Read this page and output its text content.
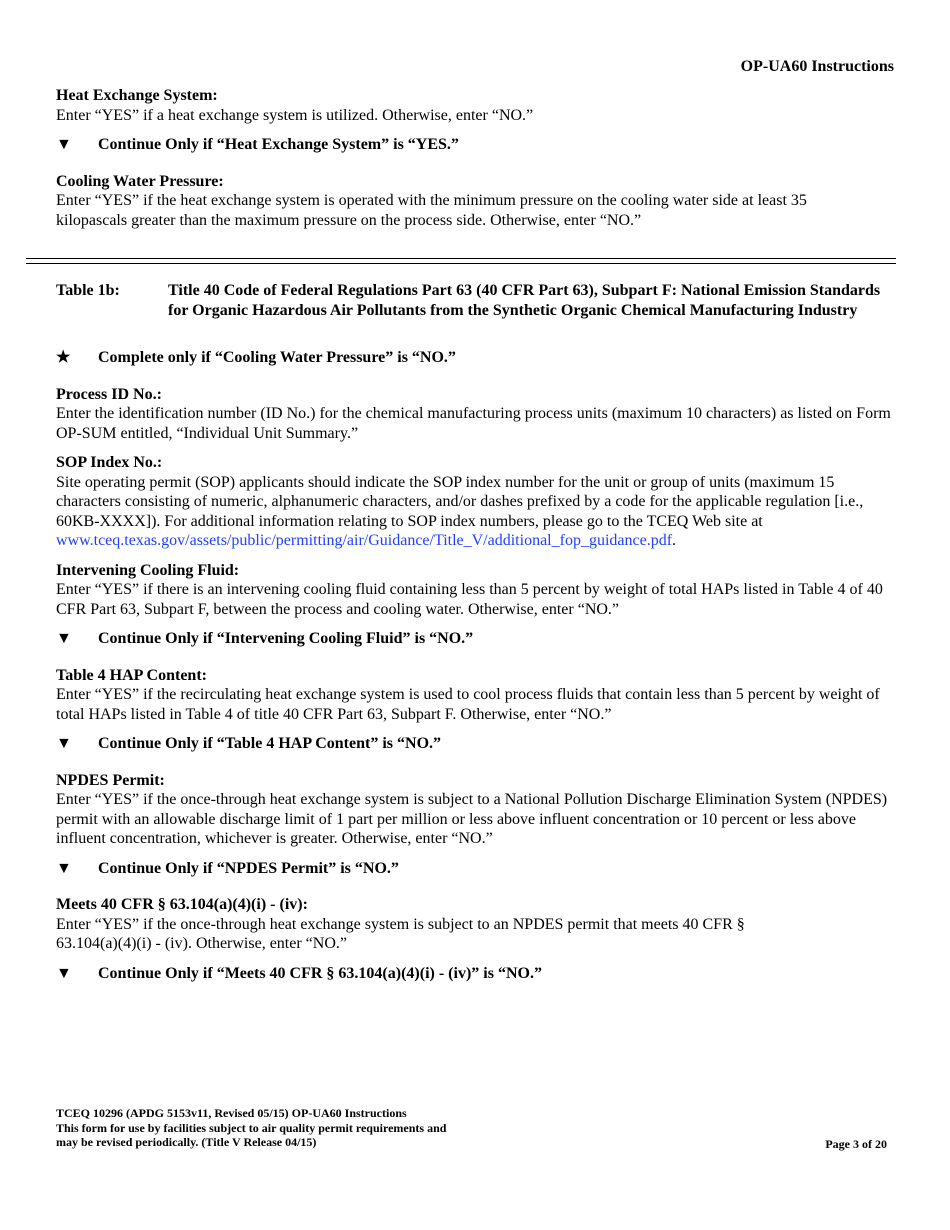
OP-UA60 Instructions

Heat Exchange System:

Enter “YES” if a heat exchange system is utilized. Otherwise, enter “NO.”

▼	Continue Only if “Heat Exchange System” is “YES.”

Cooling Water Pressure:

Enter “YES” if the heat exchange system is operated with the minimum pressure on the cooling water side at least 35 kilopascals greater than the maximum pressure on the process side. Otherwise, enter “NO.”

Table 1b:	Title 40 Code of Federal Regulations Part 63 (40 CFR Part 63), Subpart F: National Emission Standards for Organic Hazardous Air Pollutants from the Synthetic Organic Chemical Manufacturing Industry
★	Complete only if “Cooling Water Pressure” is “NO.”

Process ID No.:

Enter the identification number (ID No.) for the chemical manufacturing process units (maximum 10 characters) as listed on Form OP-SUM entitled, “Individual Unit Summary.”

SOP Index No.:

Site operating permit (SOP) applicants should indicate the SOP index number for the unit or group of units (maximum 15 characters consisting of numeric, alphanumeric characters, and/or dashes prefixed by a code for the applicable regulation [i.e., 60KB-XXXX]). For additional information relating to SOP index numbers, please go to the TCEQ Web site at www.tceq.texas.gov/assets/public/permitting/air/Guidance/Title_V/additional_fop_guidance.pdf.

Intervening Cooling Fluid:

Enter “YES” if there is an intervening cooling fluid containing less than 5 percent by weight of total HAPs listed in Table 4 of 40 CFR Part 63, Subpart F, between the process and cooling water. Otherwise, enter “NO.”

▼	Continue Only if “Intervening Cooling Fluid” is “NO.”

Table 4 HAP Content:

Enter “YES” if the recirculating heat exchange system is used to cool process fluids that contain less than 5 percent by weight of total HAPs listed in Table 4 of title 40 CFR Part 63, Subpart F. Otherwise, enter “NO.”

▼	Continue Only if “Table 4 HAP Content” is “NO.”

NPDES Permit:

Enter “YES” if the once-through heat exchange system is subject to a National Pollution Discharge Elimination System (NPDES) permit with an allowable discharge limit of 1 part per million or less above influent concentration or 10 percent or less above influent concentration, whichever is greater. Otherwise, enter “NO.”

▼	Continue Only if “NPDES Permit” is “NO.”

Meets 40 CFR § 63.104(a)(4)(i) - (iv):

Enter “YES” if the once-through heat exchange system is subject to an NPDES permit that meets 40 CFR § 63.104(a)(4)(i) - (iv). Otherwise, enter “NO.”

▼	Continue Only if “Meets 40 CFR § 63.104(a)(4)(i) - (iv)” is “NO.”
TCEQ 10296 (APDG 5153v11, Revised 05/15) OP-UA60 Instructions
This form for use by facilities subject to air quality permit requirements and
may be revised periodically. (Title V Release 04/15)	Page 3 of 20
